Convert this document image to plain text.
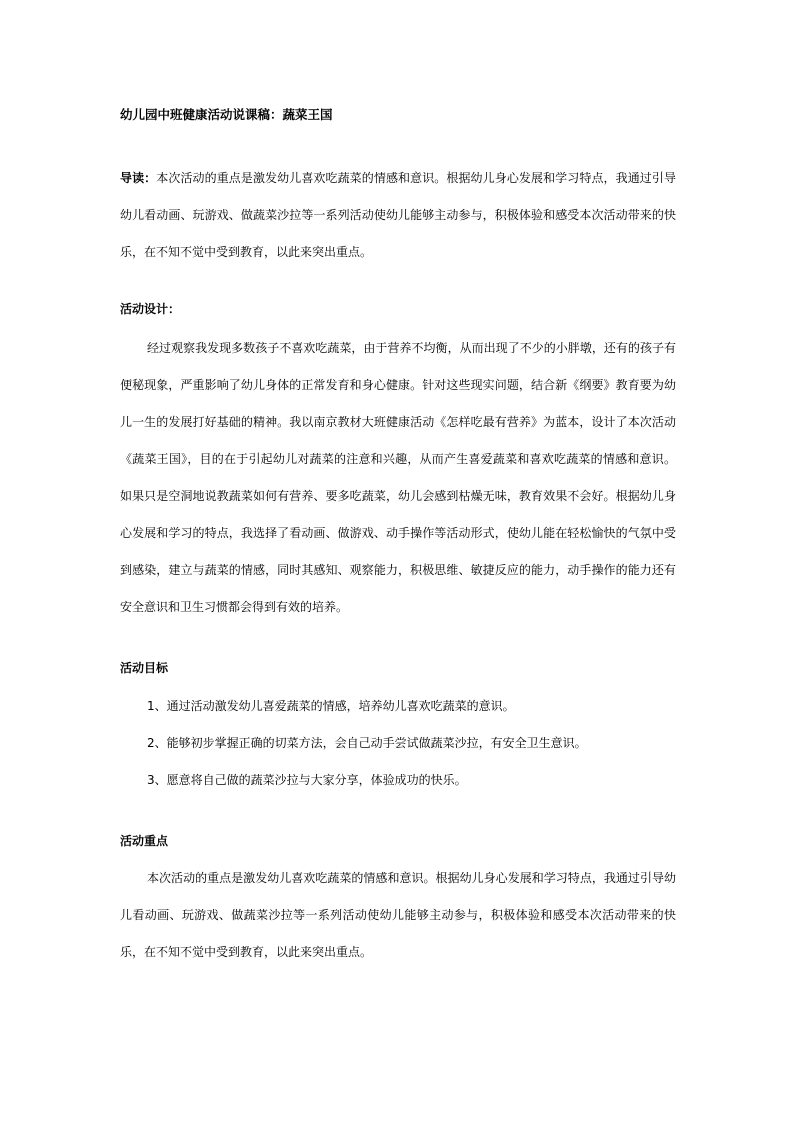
幼儿园中班健康活动说课稿：蔬菜王国

导读：本次活动的重点是激发幼儿喜欢吃蔬菜的情感和意识。根据幼儿身心发展和学习特点，我通过引导幼儿看动画、玩游戏、做蔬菜沙拉等一系列活动使幼儿能够主动参与，积极体验和感受本次活动带来的快乐，在不知不觉中受到教育，以此来突出重点。

活动设计：

经过观察我发现多数孩子不喜欢吃蔬菜，由于营养不均衡，从而出现了不少的小胖墩，还有的孩子有便秘现象，严重影响了幼儿身体的正常发育和身心健康。针对这些现实问题，结合新《纲要》教育要为幼儿一生的发展打好基础的精神。我以南京教材大班健康活动《怎样吃最有营养》为蓝本，设计了本次活动《蔬菜王国》，目的在于引起幼儿对蔬菜的注意和兴趣，从而产生喜爱蔬菜和喜欢吃蔬菜的情感和意识。如果只是空洞地说教蔬菜如何有营养、要多吃蔬菜，幼儿会感到枯燥无味，教育效果不会好。根据幼儿身心发展和学习的特点，我选择了看动画、做游戏、动手操作等活动形式，使幼儿能在轻松愉快的气氛中受到感染，建立与蔬菜的情感，同时其感知、观察能力，积极思维、敏捷反应的能力，动手操作的能力还有安全意识和卫生习惯都会得到有效的培养。

活动目标

1、通过活动激发幼儿喜爱蔬菜的情感，培养幼儿喜欢吃蔬菜的意识。

2、能够初步掌握正确的切菜方法，会自己动手尝试做蔬菜沙拉，有安全卫生意识。

3、愿意将自己做的蔬菜沙拉与大家分享，体验成功的快乐。

活动重点

本次活动的重点是激发幼儿喜欢吃蔬菜的情感和意识。根据幼儿身心发展和学习特点，我通过引导幼儿看动画、玩游戏、做蔬菜沙拉等一系列活动使幼儿能够主动参与，积极体验和感受本次活动带来的快乐，在不知不觉中受到教育，以此来突出重点。
